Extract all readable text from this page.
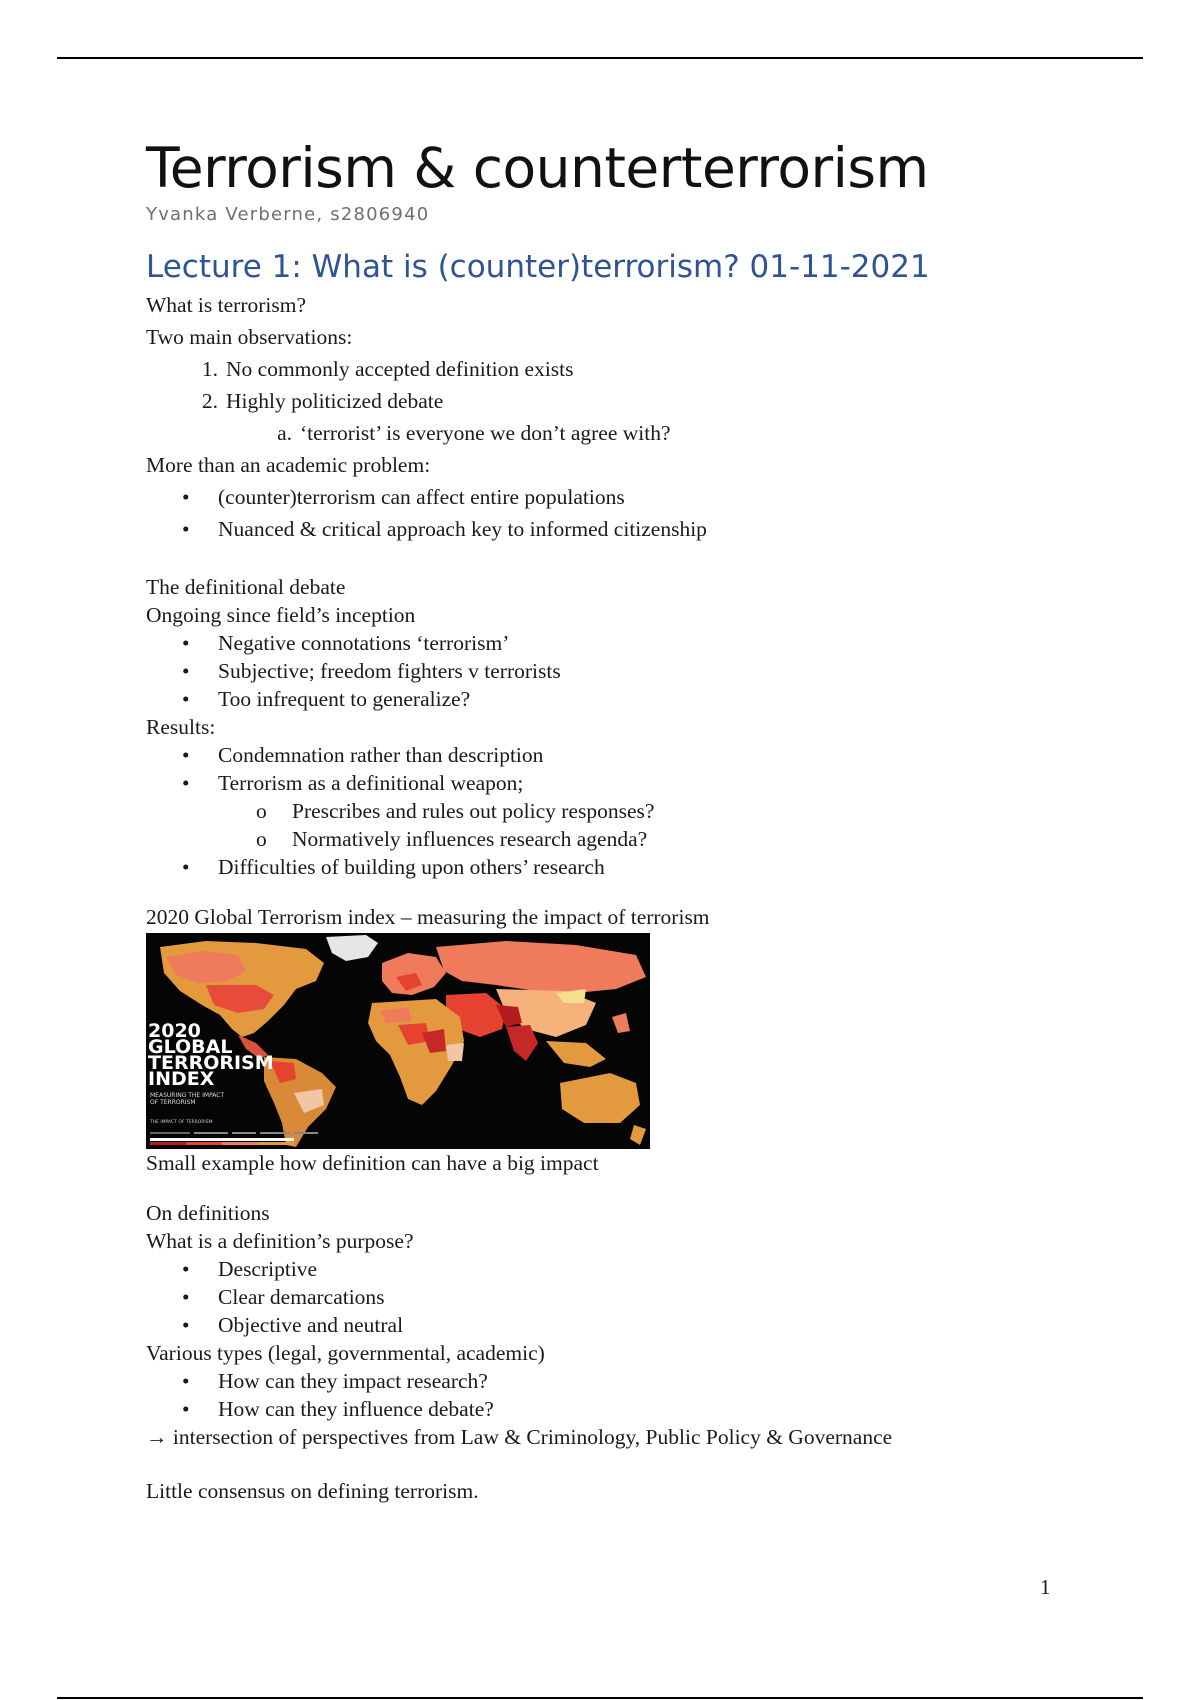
Terrorism & counterterrorism
Yvanka Verberne, s2806940
Lecture 1: What is (counter)terrorism? 01-11-2021
What is terrorism?
Two main observations:
1. No commonly accepted definition exists
2. Highly politicized debate
a. ‘terrorist’ is everyone we don’t agree with?
More than an academic problem:
• (counter)terrorism can affect entire populations
• Nuanced & critical approach key to informed citizenship
The definitional debate
Ongoing since field’s inception
• Negative connotations ‘terrorism’
• Subjective; freedom fighters v terrorists
• Too infrequent to generalize?
Results:
• Condemnation rather than description
• Terrorism as a definitional weapon;
o Prescribes and rules out policy responses?
o Normatively influences research agenda?
• Difficulties of building upon others’ research
2020 Global Terrorism index – measuring the impact of terrorism
2020
GLOBAL
TERRORISM
INDEX
MEASURING THE IMPACT
OF TERRORISM
THE IMPACT OF TERRORISM
Small example how definition can have a big impact
On definitions
What is a definition’s purpose?
• Descriptive
• Clear demarcations
• Objective and neutral
Various types (legal, governmental, academic)
• How can they impact research?
• How can they influence debate?
→ intersection of perspectives from Law & Criminology, Public Policy & Governance
Little consensus on defining terrorism.
1
